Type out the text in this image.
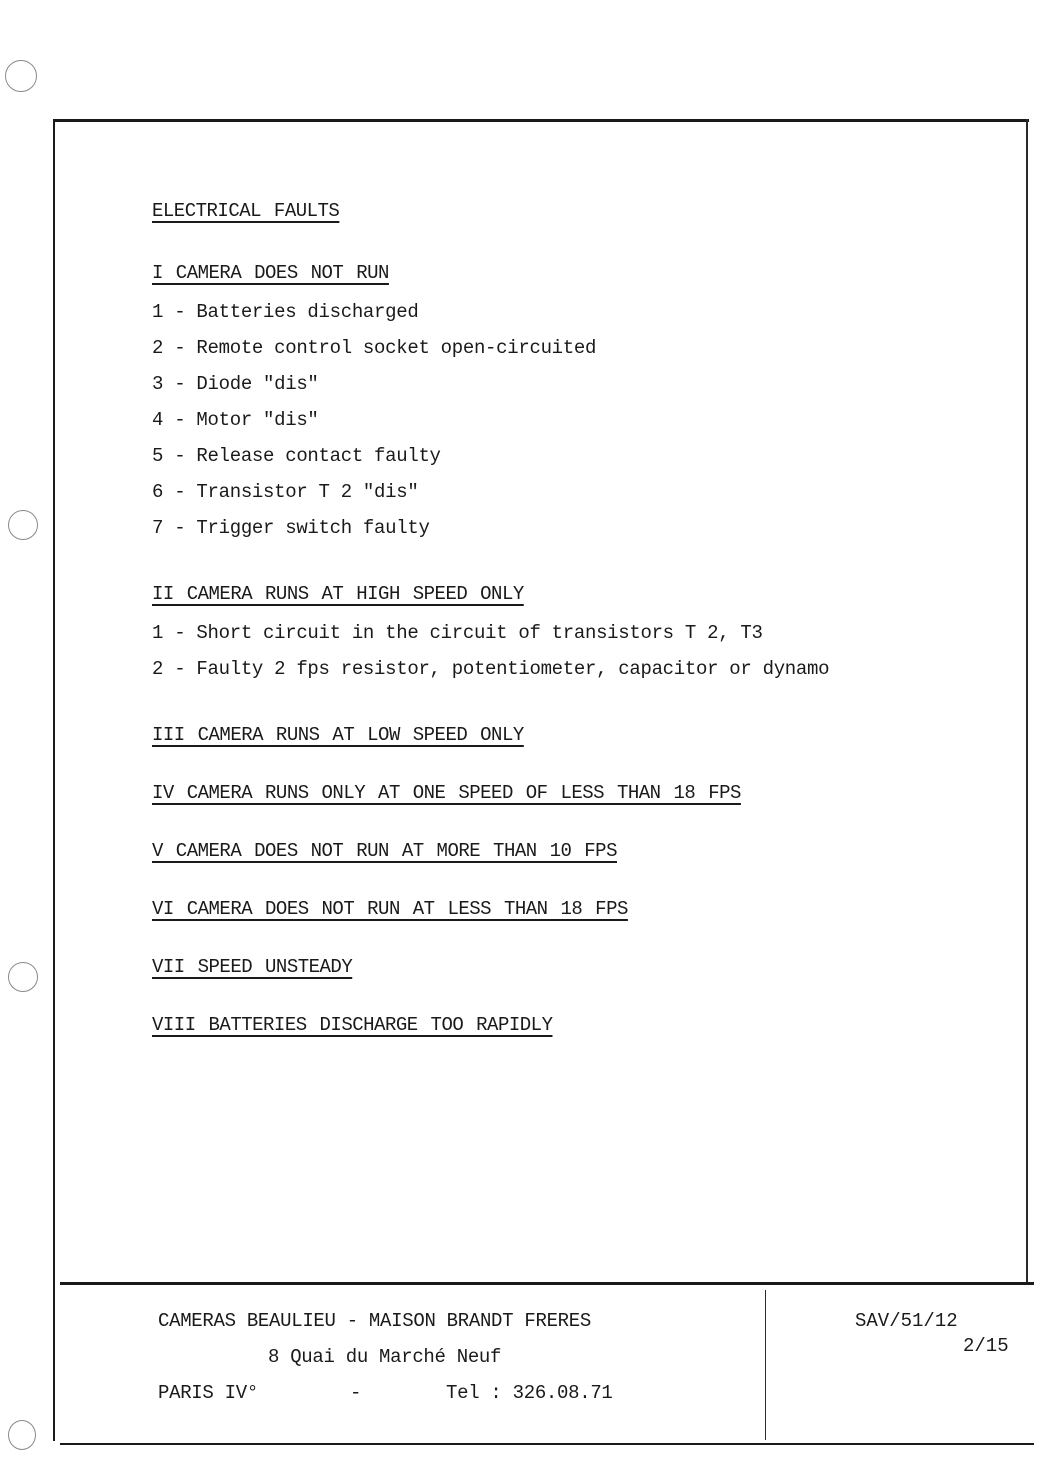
ELECTRICAL FAULTS
I CAMERA DOES NOT RUN
1 - Batteries discharged
2 - Remote control socket open-circuited
3 - Diode "dis"
4 - Motor "dis"
5 - Release contact faulty
6 - Transistor T 2 "dis"
7 - Trigger switch faulty
II CAMERA RUNS AT HIGH SPEED ONLY
1 - Short circuit in the circuit of transistors T 2, T3
2 - Faulty 2 fps resistor, potentiometer, capacitor or dynamo
III CAMERA RUNS AT LOW SPEED ONLY
IV CAMERA RUNS ONLY AT ONE SPEED OF LESS THAN 18 FPS
V CAMERA DOES NOT RUN AT MORE THAN 10 FPS
VI CAMERA DOES NOT RUN AT LESS THAN 18 FPS
VII SPEED UNSTEADY
VIII BATTERIES DISCHARGE TOO RAPIDLY
CAMERAS BEAULIEU - MAISON BRANDT FRERES
8 Quai du Marché Neuf
PARIS IV°	-	Tel : 326.08.71
SAV/51/12
2/15
